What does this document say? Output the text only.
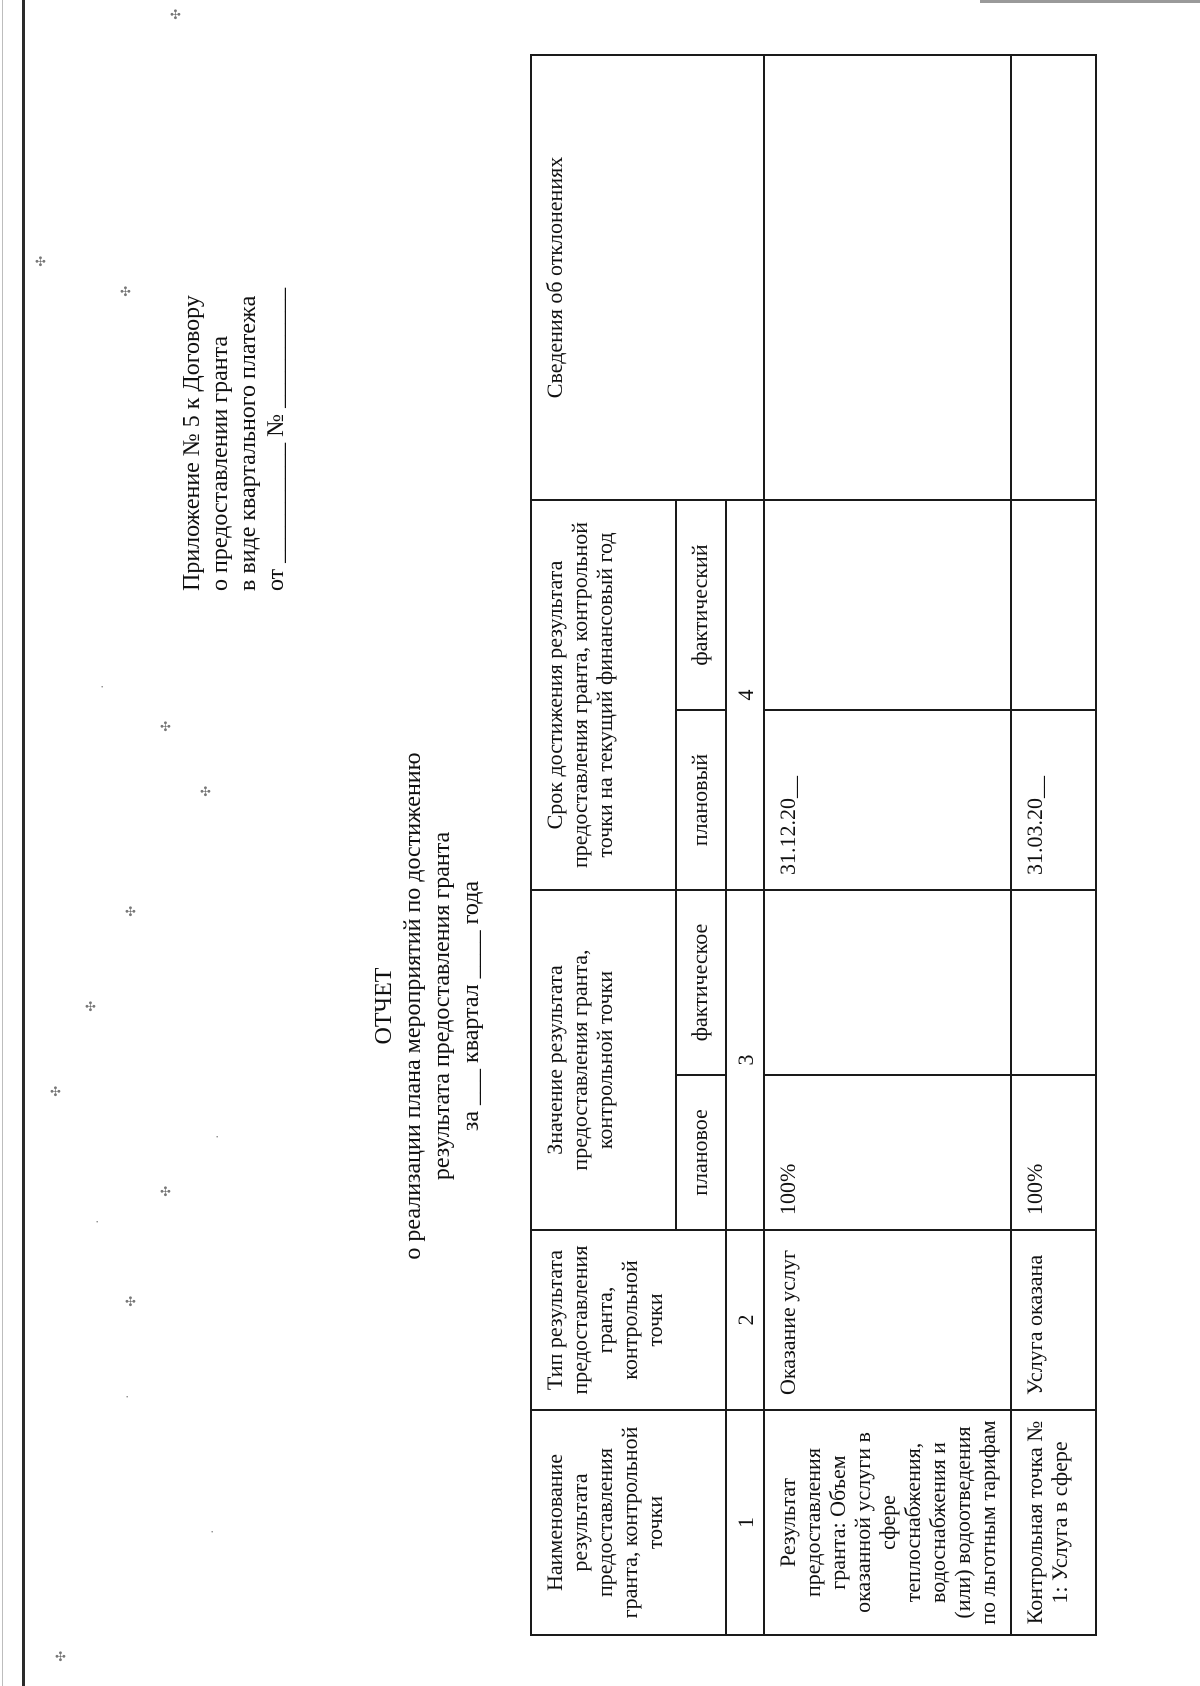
✣
✣
✣
·
✣
✣
✣
✣
✣
·
✣
·
✣
·
·
✣
Приложение № 5 к Договору о предоставлении гранта в виде квартального платежа от __________ № __________
ОТЧЕТ о реализации плана мероприятий по достижению результата предоставления гранта за ___ квартал ____ года
Наименование результата предоставления гранта, контрольной точки	Тип результата предоставления гранта, контрольной точки	Значение результата предоставления гранта, контрольной точки		Срок достижения результата предоставления гранта, контрольной точки на текущий финансовый год		Сведения об отклонениях
		плановое	фактическое	плановый	фактический	
1	2	3		4		
Результат предоставления гранта: Объем оказанной услуги в сфере теплоснабжения, водоснабжения и (или) водоотведения по льготным тарифам	Оказание услуг	100%		31.12.20__		
Контрольная точка № 1: Услуга в сфере	Услуга оказана	100%		31.03.20__		
